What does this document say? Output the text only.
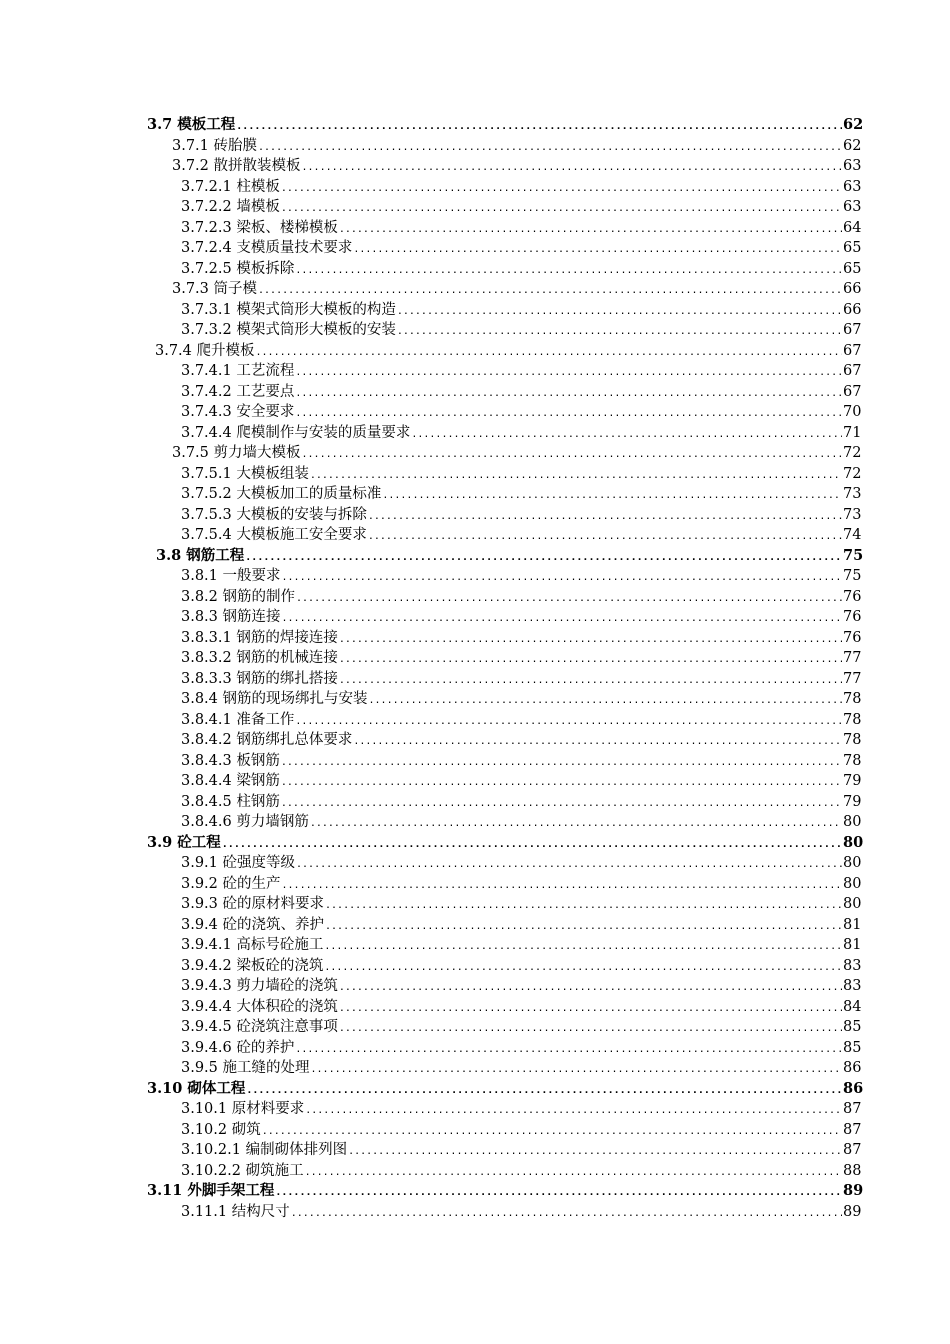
3.7 模板工程 .....	62
3.7.1 砖胎膜 .....	62
3.7.2 散拼散装模板 .....	63
3.7.2.1 柱模板 .....	63
3.7.2.2 墙模板 .....	63
3.7.2.3 梁板、楼梯模板 .....	64
3.7.2.4 支模质量技术要求 .....	65
3.7.2.5 模板拆除 .....	65
3.7.3 筒子模 .....	66
3.7.3.1 模架式筒形大模板的构造 .....	66
3.7.3.2 模架式筒形大模板的安装 .....	67
3.7.4 爬升模板 .....	67
3.7.4.1 工艺流程 .....	67
3.7.4.2 工艺要点 .....	67
3.7.4.3 安全要求 .....	70
3.7.4.4 爬模制作与安装的质量要求 .....	71
3.7.5 剪力墙大模板 .....	72
3.7.5.1 大模板组装 .....	72
3.7.5.2 大模板加工的质量标准 .....	73
3.7.5.3 大模板的安装与拆除 .....	73
3.7.5.4 大模板施工安全要求 .....	74
3.8 钢筋工程 .....	75
3.8.1 一般要求 .....	75
3.8.2 钢筋的制作 .....	76
3.8.3 钢筋连接 .....	76
3.8.3.1 钢筋的焊接连接 .....	76
3.8.3.2 钢筋的机械连接 .....	77
3.8.3.3 钢筋的绑扎搭接 .....	77
3.8.4 钢筋的现场绑扎与安装 .....	78
3.8.4.1 准备工作 .....	78
3.8.4.2 钢筋绑扎总体要求 .....	78
3.8.4.3 板钢筋 .....	78
3.8.4.4 梁钢筋 .....	79
3.8.4.5 柱钢筋 .....	79
3.8.4.6 剪力墙钢筋 .....	80
3.9 砼工程 .....	80
3.9.1 砼强度等级 .....	80
3.9.2 砼的生产 .....	80
3.9.3 砼的原材料要求 .....	80
3.9.4 砼的浇筑、养护 .....	81
3.9.4.1 高标号砼施工 .....	81
3.9.4.2 梁板砼的浇筑 .....	83
3.9.4.3 剪力墙砼的浇筑 .....	83
3.9.4.4 大体积砼的浇筑 .....	84
3.9.4.5 砼浇筑注意事项 .....	85
3.9.4.6 砼的养护 .....	85
3.9.5 施工缝的处理 .....	86
3.10 砌体工程 .....	86
3.10.1 原材料要求 .....	87
3.10.2 砌筑 .....	87
3.10.2.1 编制砌体排列图 .....	87
3.10.2.2 砌筑施工 .....	88
3.11 外脚手架工程 .....	89
3.11.1 结构尺寸 .....	89
